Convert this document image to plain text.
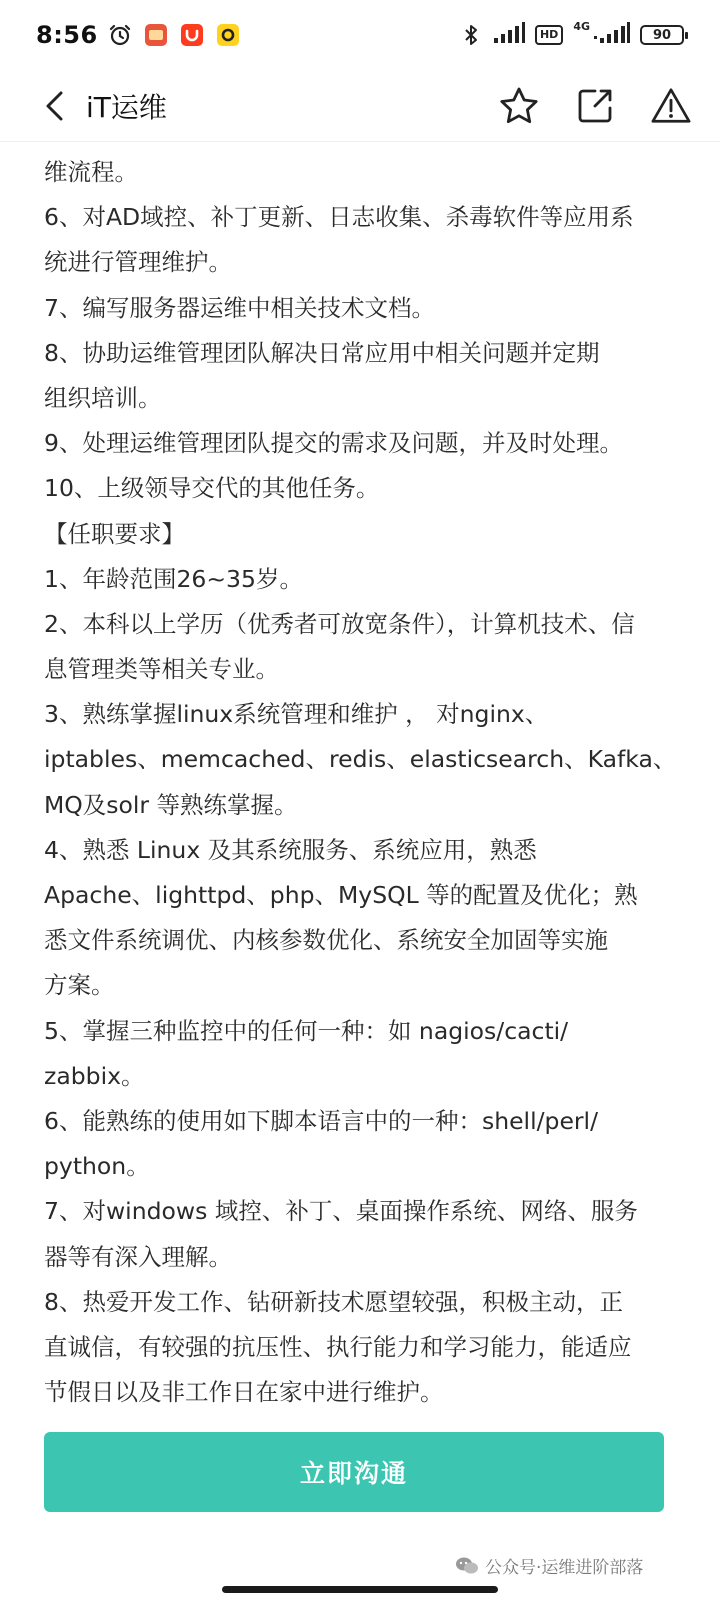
8:56	HD
4G
90
iT运维
维流程。
6、对AD域控、补丁更新、日志收集、杀毒软件等应用系
统进行管理维护。
7、编写服务器运维中相关技术文档。
8、协助运维管理团队解决日常应用中相关问题并定期
组织培训。
9、处理运维管理团队提交的需求及问题，并及时处理。
10、上级领导交代的其他任务。
【任职要求】
1、年龄范围26~35岁。
2、本科以上学历（优秀者可放宽条件），计算机技术、信
息管理类等相关专业。
3、熟练掌握linux系统管理和维护 ， 对nginx、
iptables、memcached、redis、elasticsearch、Kafka、
MQ及solr 等熟练掌握。
4、熟悉 Linux 及其系统服务、系统应用，熟悉
Apache、lighttpd、php、MySQL 等的配置及优化；熟
悉文件系统调优、内核参数优化、系统安全加固等实施
方案。
5、掌握三种监控中的任何一种：如 nagios/cacti/
zabbix。
6、能熟练的使用如下脚本语言中的一种：shell/perl/
python。
7、对windows 域控、补丁、桌面操作系统、网络、服务
器等有深入理解。
8、热爱开发工作、钻研新技术愿望较强，积极主动，正
直诚信，有较强的抗压性、执行能力和学习能力，能适应
节假日以及非工作日在家中进行维护。
立即沟通
公众号·运维进阶部落
